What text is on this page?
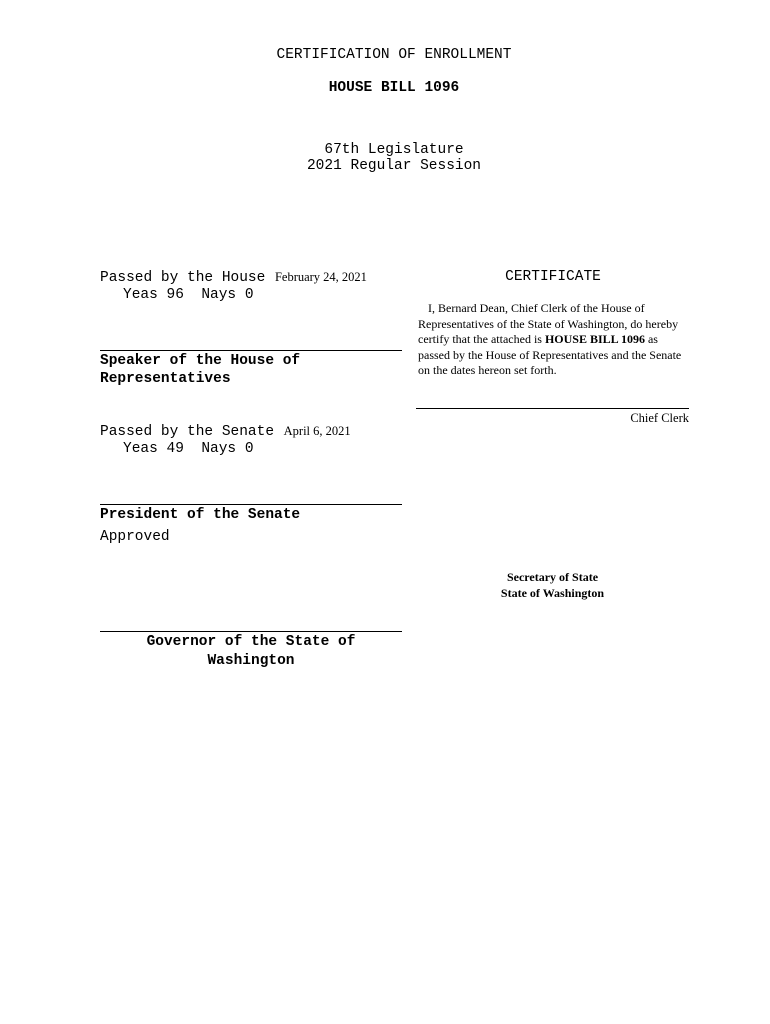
CERTIFICATION OF ENROLLMENT
HOUSE BILL 1096
67th Legislature
2021 Regular Session
Passed by the House February 24, 2021
Yeas 96  Nays 0
Speaker of the House of
Representatives
Passed by the Senate April 6, 2021
Yeas 49  Nays 0
President of the Senate
Approved
Governor of the State of
Washington
CERTIFICATE
I, Bernard Dean, Chief Clerk of the House of Representatives of the State of Washington, do hereby certify that the attached is HOUSE BILL 1096 as passed by the House of Representatives and the Senate on the dates hereon set forth.
Chief Clerk
Secretary of State
State of Washington
